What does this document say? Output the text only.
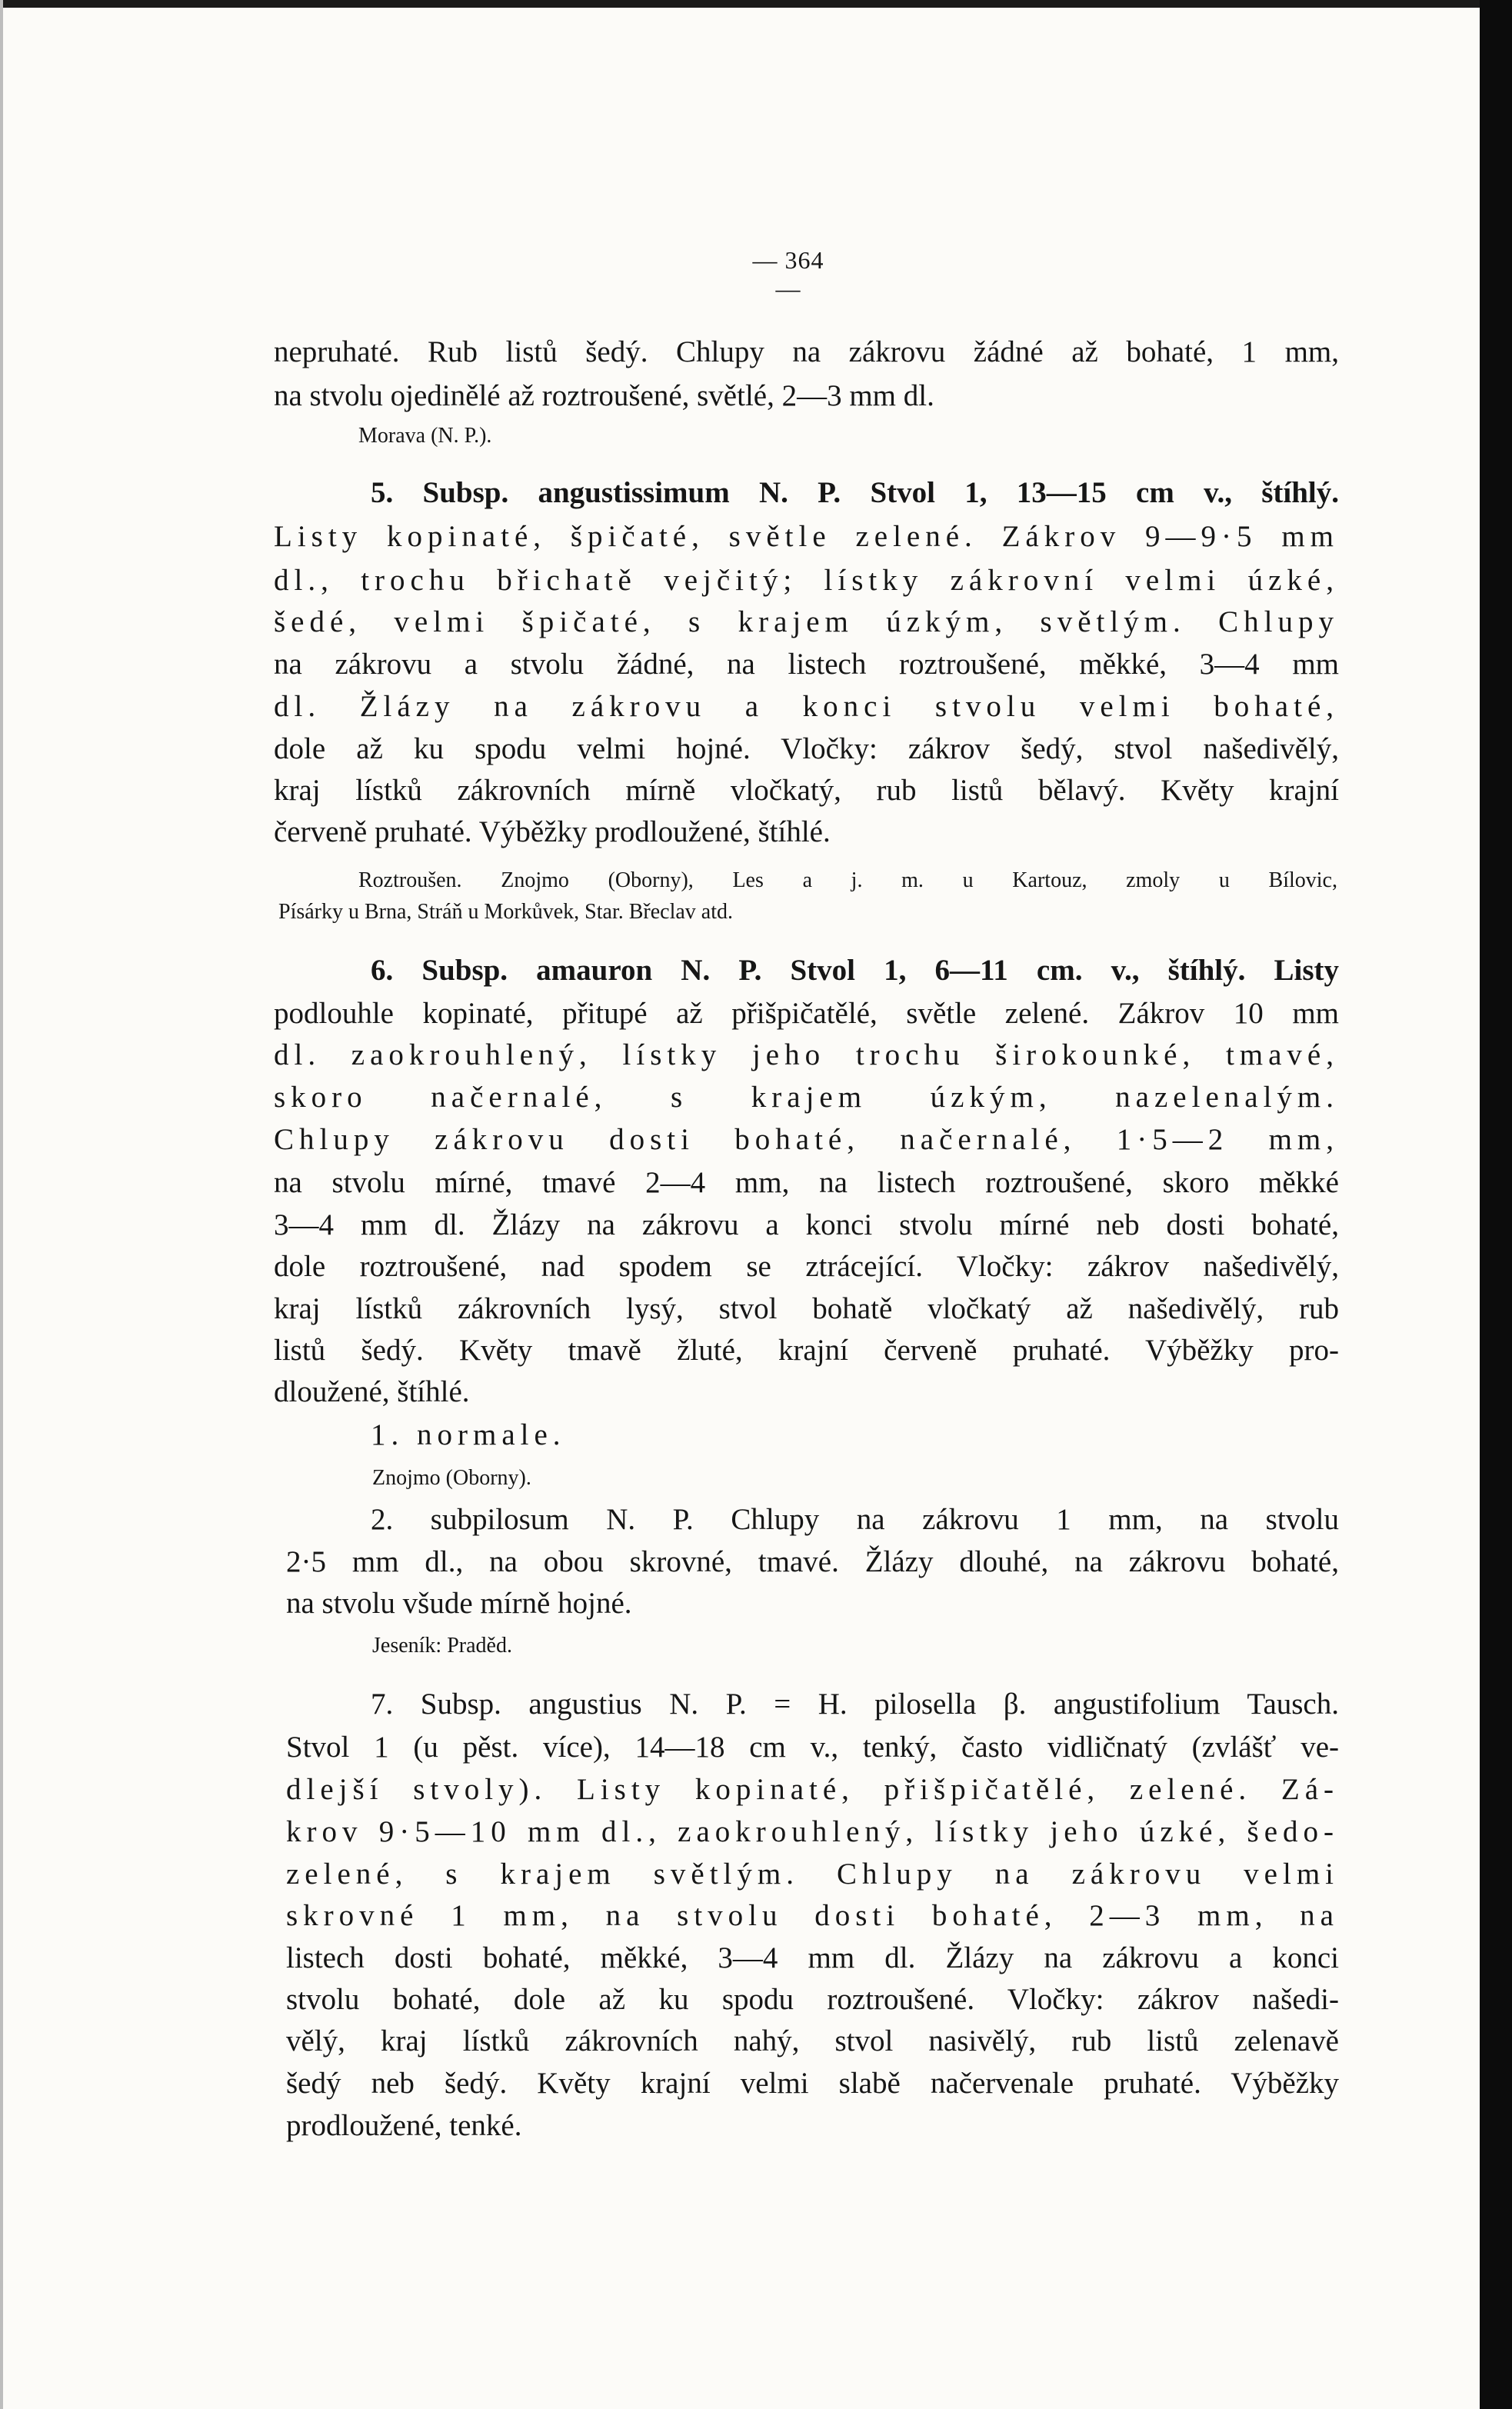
— 364 —
nepruhaté. Rub listů šedý. Chlupy na zákrovu žádné až bohaté, 1 mm,
na stvolu ojedinělé až roztroušené, světlé, 2—3 mm dl.
Morava (N. P.).
5. Subsp. angustissimum N. P. Stvol 1, 13—15 cm v., štíhlý.
Listy kopinaté, špičaté, světle zelené. Zákrov 9—9·5 mm
dl., trochu břichatě vejčitý; lístky zákrovní velmi úzké,
šedé, velmi špičaté, s krajem úzkým, světlým. Chlupy
na zákrovu a stvolu žádné, na listech roztroušené, měkké, 3—4 mm
dl. Žlázy na zákrovu a konci stvolu velmi bohaté,
dole až ku spodu velmi hojné. Vločky: zákrov šedý, stvol našedivělý,
kraj lístků zákrovních mírně vločkatý, rub listů bělavý. Květy krajní
červeně pruhaté. Výběžky prodloužené, štíhlé.
Roztroušen. Znojmo (Oborny), Les a j. m. u Kartouz, zmoly u Bílovic,
Písárky u Brna, Stráň u Morkůvek, Star. Břeclav atd.
6. Subsp. amauron N. P. Stvol 1, 6—11 cm. v., štíhlý. Listy
podlouhle kopinaté, přitupé až přišpičatělé, světle zelené. Zákrov 10 mm
dl. zaokrouhlený, lístky jeho trochu širokounké, tmavé,
skoro načernalé, s krajem úzkým, nazelenalým.
Chlupy zákrovu dosti bohaté, načernalé, 1·5—2 mm,
na stvolu mírné, tmavé 2—4 mm, na listech roztroušené, skoro měkké
3—4 mm dl. Žlázy na zákrovu a konci stvolu mírné neb dosti bohaté,
dole roztroušené, nad spodem se ztrácející. Vločky: zákrov našedivělý,
kraj lístků zákrovních lysý, stvol bohatě vločkatý až našedivělý, rub
listů šedý. Květy tmavě žluté, krajní červeně pruhaté. Výběžky pro-
dloužené, štíhlé.
1. normale.
Znojmo (Oborny).
2. subpilosum N. P. Chlupy na zákrovu 1 mm, na stvolu
2·5 mm dl., na obou skrovné, tmavé. Žlázy dlouhé, na zákrovu bohaté,
na stvolu všude mírně hojné.
Jeseník: Praděd.
7. Subsp. angustius N. P. = H. pilosella β. angustifolium Tausch.
Stvol 1 (u pěst. více), 14—18 cm v., tenký, často vidličnatý (zvlášť ve-
dlejší stvoly). Listy kopinaté, přišpičatělé, zelené. Zá-
krov 9·5—10 mm dl., zaokrouhlený, lístky jeho úzké, šedo-
zelené, s krajem světlým. Chlupy na zákrovu velmi
skrovné 1 mm, na stvolu dosti bohaté, 2—3 mm, na
listech dosti bohaté, měkké, 3—4 mm dl. Žlázy na zákrovu a konci
stvolu bohaté, dole až ku spodu roztroušené. Vločky: zákrov našedi-
vělý, kraj lístků zákrovních nahý, stvol nasivělý, rub listů zelenavě
šedý neb šedý. Květy krajní velmi slabě načervenale pruhaté. Výběžky
prodloužené, tenké.
